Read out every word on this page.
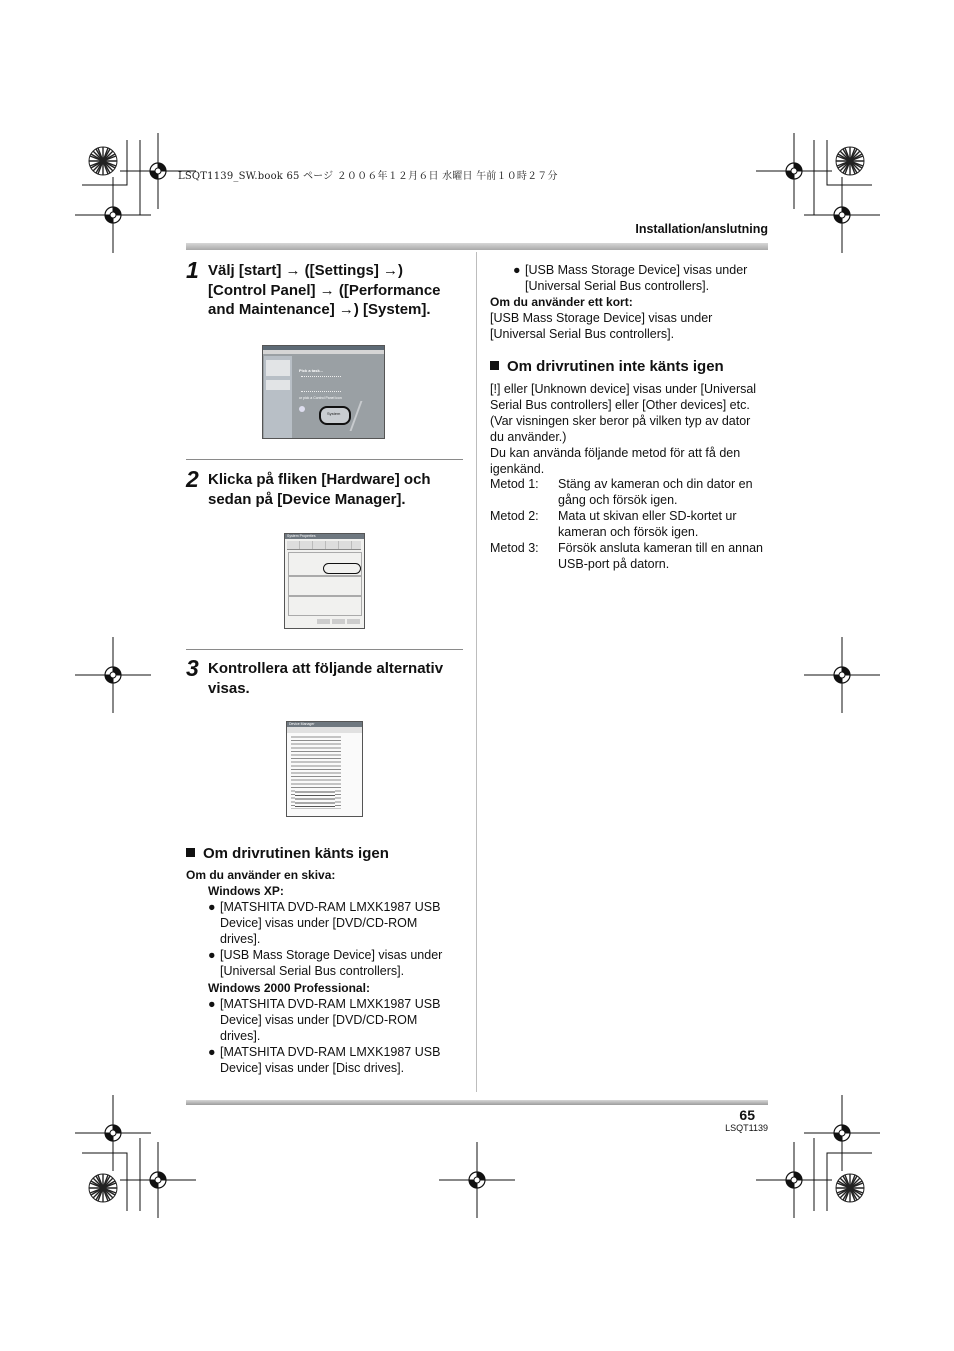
LSQT1139_SW.book 65 ページ ２００６年１２月６日 水曜日 午前１０時２７分
Installation/anslutning
1 Välj [start] → ([Settings] →)
[Control Panel] → ([Performance
and Maintenance] →) [System].
Pick a task...
or pick a Control Panel icon
System
2 Klicka på fliken [Hardware] och
sedan på [Device Manager].
System Properties
3 Kontrollera att följande alternativ
visas.
Device Manager
Om drivrutinen känts igen
Om du använder en skiva:
Windows XP:
● [MATSHITA DVD-RAM LMXK1987 USB
Device] visas under [DVD/CD-ROM
drives].
● [USB Mass Storage Device] visas under
[Universal Serial Bus controllers].
Windows 2000 Professional:
● [MATSHITA DVD-RAM LMXK1987 USB
Device] visas under [DVD/CD-ROM
drives].
● [MATSHITA DVD-RAM LMXK1987 USB
Device] visas under [Disc drives].
● [USB Mass Storage Device] visas under
[Universal Serial Bus controllers].
Om du använder ett kort:
[USB Mass Storage Device] visas under
[Universal Serial Bus controllers].
Om drivrutinen inte känts igen
[!] eller [Unknown device] visas under [Universal
Serial Bus controllers] eller [Other devices] etc.
(Var visningen sker beror på vilken typ av dator
du använder.)
Du kan använda följande metod för att få den
igenkänd.
Metod 1: Stäng av kameran och din dator en
gång och försök igen.
Metod 2: Mata ut skivan eller SD-kortet ur
kameran och försök igen.
Metod 3: Försök ansluta kameran till en annan
USB-port på datorn.
65
LSQT1139
